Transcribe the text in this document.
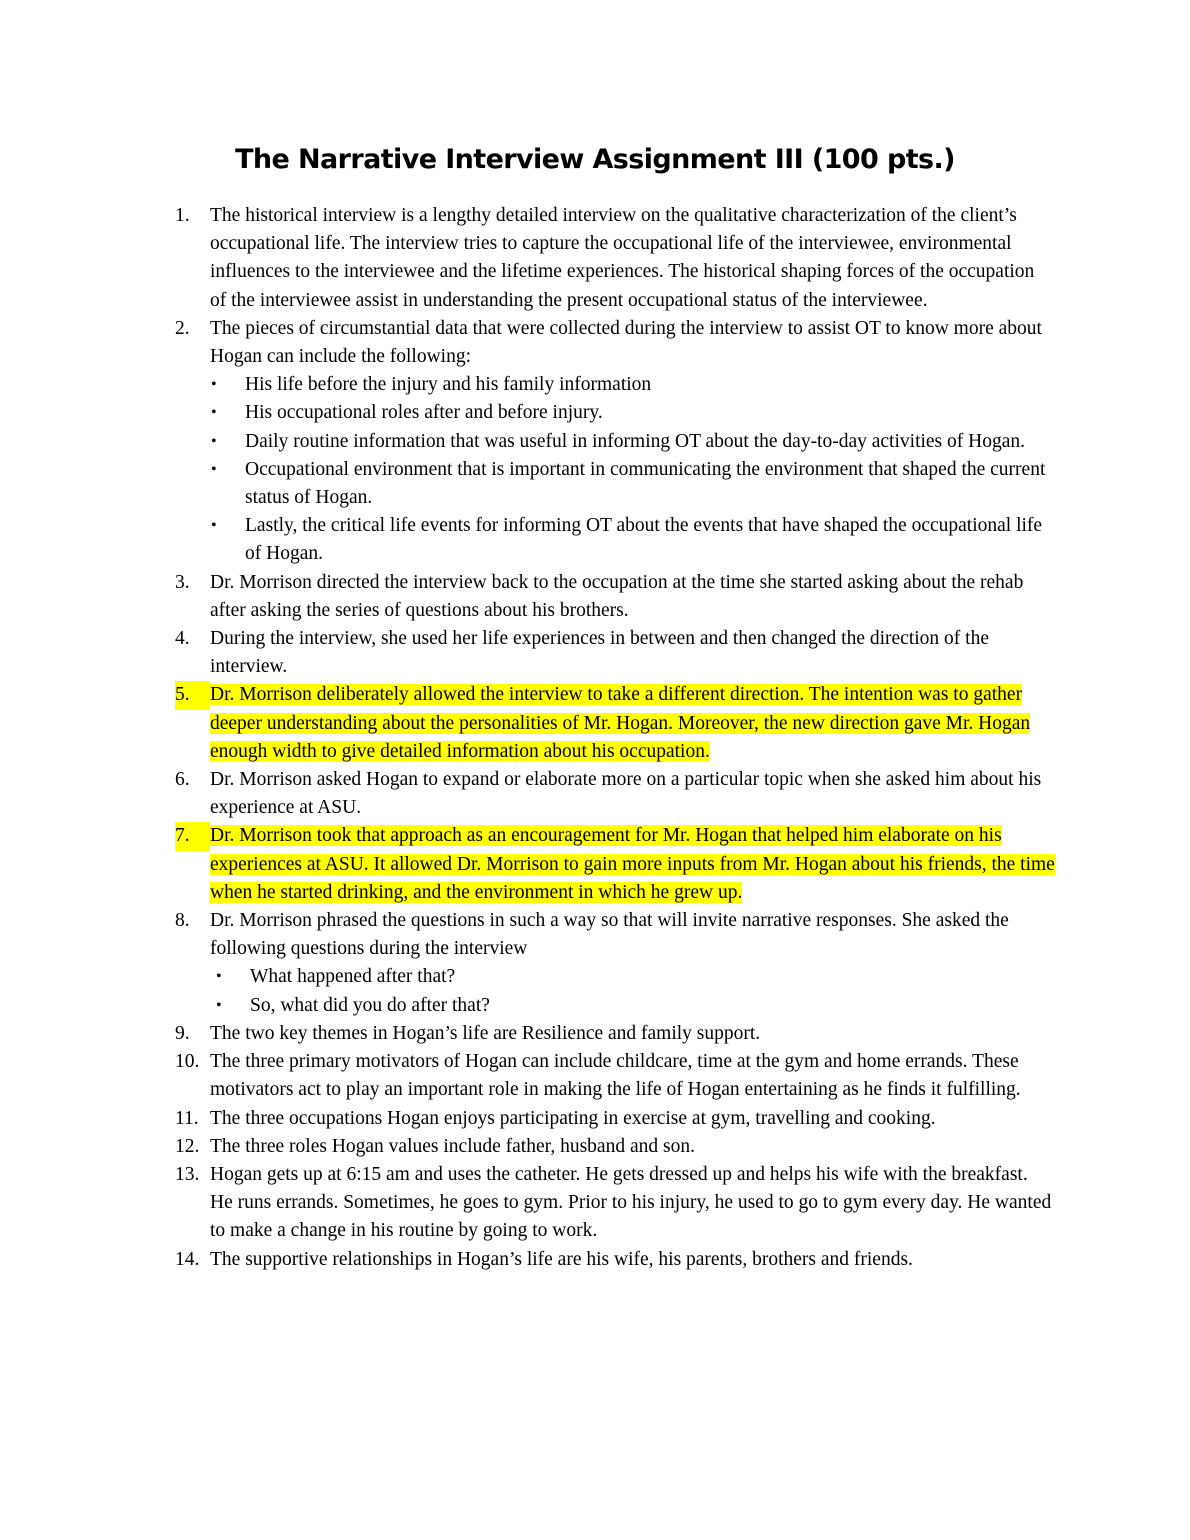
The Narrative Interview Assignment III (100 pts.)
1.	The historical interview is a lengthy detailed interview on the qualitative characterization of the client’s occupational life. The interview tries to capture the occupational life of the interviewee, environmental influences to the interviewee and the lifetime experiences. The historical shaping forces of the occupation of the interviewee assist in understanding the present occupational status of the interviewee.
2.	The pieces of circumstantial data that were collected during the interview to assist OT to know more about Hogan can include the following:
• His life before the injury and his family information
• His occupational roles after and before injury.
• Daily routine information that was useful in informing OT about the day-to-day activities of Hogan.
• Occupational environment that is important in communicating the environment that shaped the current status of Hogan.
• Lastly, the critical life events for informing OT about the events that have shaped the occupational life of Hogan.
3.	Dr. Morrison directed the interview back to the occupation at the time she started asking about the rehab after asking the series of questions about his brothers.
4.	During the interview, she used her life experiences in between and then changed the direction of the interview.
5.	Dr. Morrison deliberately allowed the interview to take a different direction. The intention was to gather deeper understanding about the personalities of Mr. Hogan. Moreover, the new direction gave Mr. Hogan enough width to give detailed information about his occupation.
6.	Dr. Morrison asked Hogan to expand or elaborate more on a particular topic when she asked him about his experience at ASU.
7.	Dr. Morrison took that approach as an encouragement for Mr. Hogan that helped him elaborate on his experiences at ASU. It allowed Dr. Morrison to gain more inputs from Mr. Hogan about his friends, the time when he started drinking, and the environment in which he grew up.
8.	Dr. Morrison phrased the questions in such a way so that will invite narrative responses. She asked the following questions during the interview
• What happened after that?
• So, what did you do after that?
9.	The two key themes in Hogan’s life are Resilience and family support.
10. The three primary motivators of Hogan can include childcare, time at the gym and home errands. These motivators act to play an important role in making the life of Hogan entertaining as he finds it fulfilling.
11. The three occupations Hogan enjoys participating in exercise at gym, travelling and cooking.
12. The three roles Hogan values include father, husband and son.
13. Hogan gets up at 6:15 am and uses the catheter. He gets dressed up and helps his wife with the breakfast. He runs errands. Sometimes, he goes to gym. Prior to his injury, he used to go to gym every day. He wanted to make a change in his routine by going to work.
14. The supportive relationships in Hogan’s life are his wife, his parents, brothers and friends.
